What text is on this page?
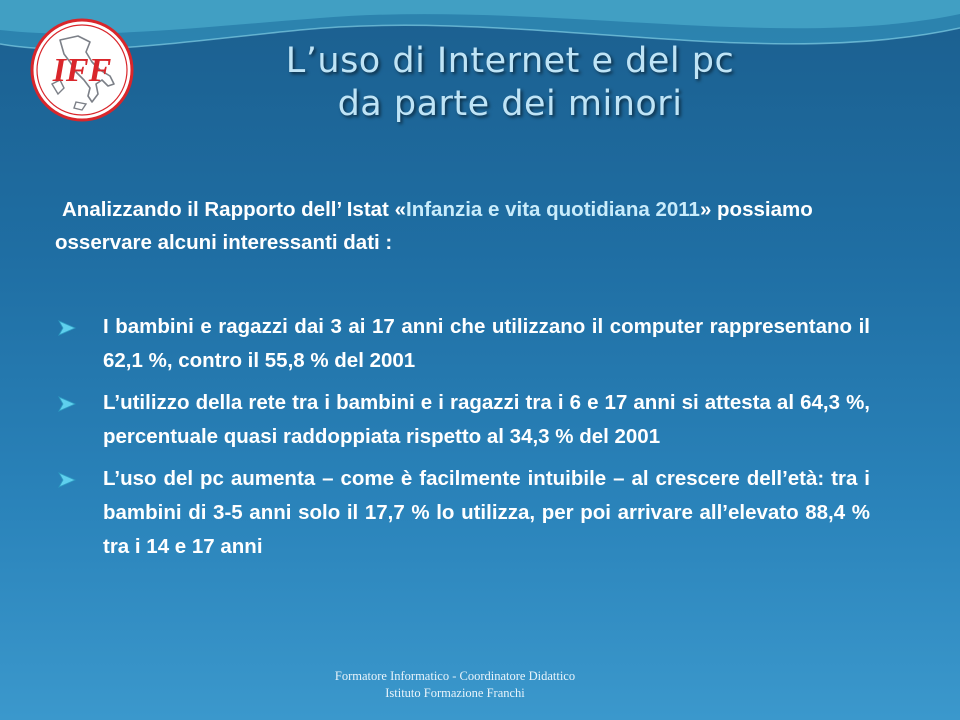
IFF	L’uso di Internet e del pc
da parte dei minori

Analizzando il Rapporto dell’ Istat «Infanzia e vita quotidiana 2011» possiamo osservare alcuni interessanti dati :

I bambini e ragazzi dai 3 ai 17 anni che utilizzano il computer rappresentano il 62,1 %, contro il 55,8 % del 2001
L’utilizzo della rete tra i bambini e i ragazzi tra i 6 e 17 anni si attesta al 64,3 %, percentuale quasi raddoppiata rispetto al 34,3 % del 2001
L’uso del pc aumenta – come è facilmente intuibile – al crescere dell’età: tra i bambini di 3-5 anni solo il 17,7 % lo utilizza, per poi arrivare all’elevato 88,4 % tra i 14 e 17 anni
Formatore Informatico - Coordinatore Didattico
Istituto Formazione Franchi
